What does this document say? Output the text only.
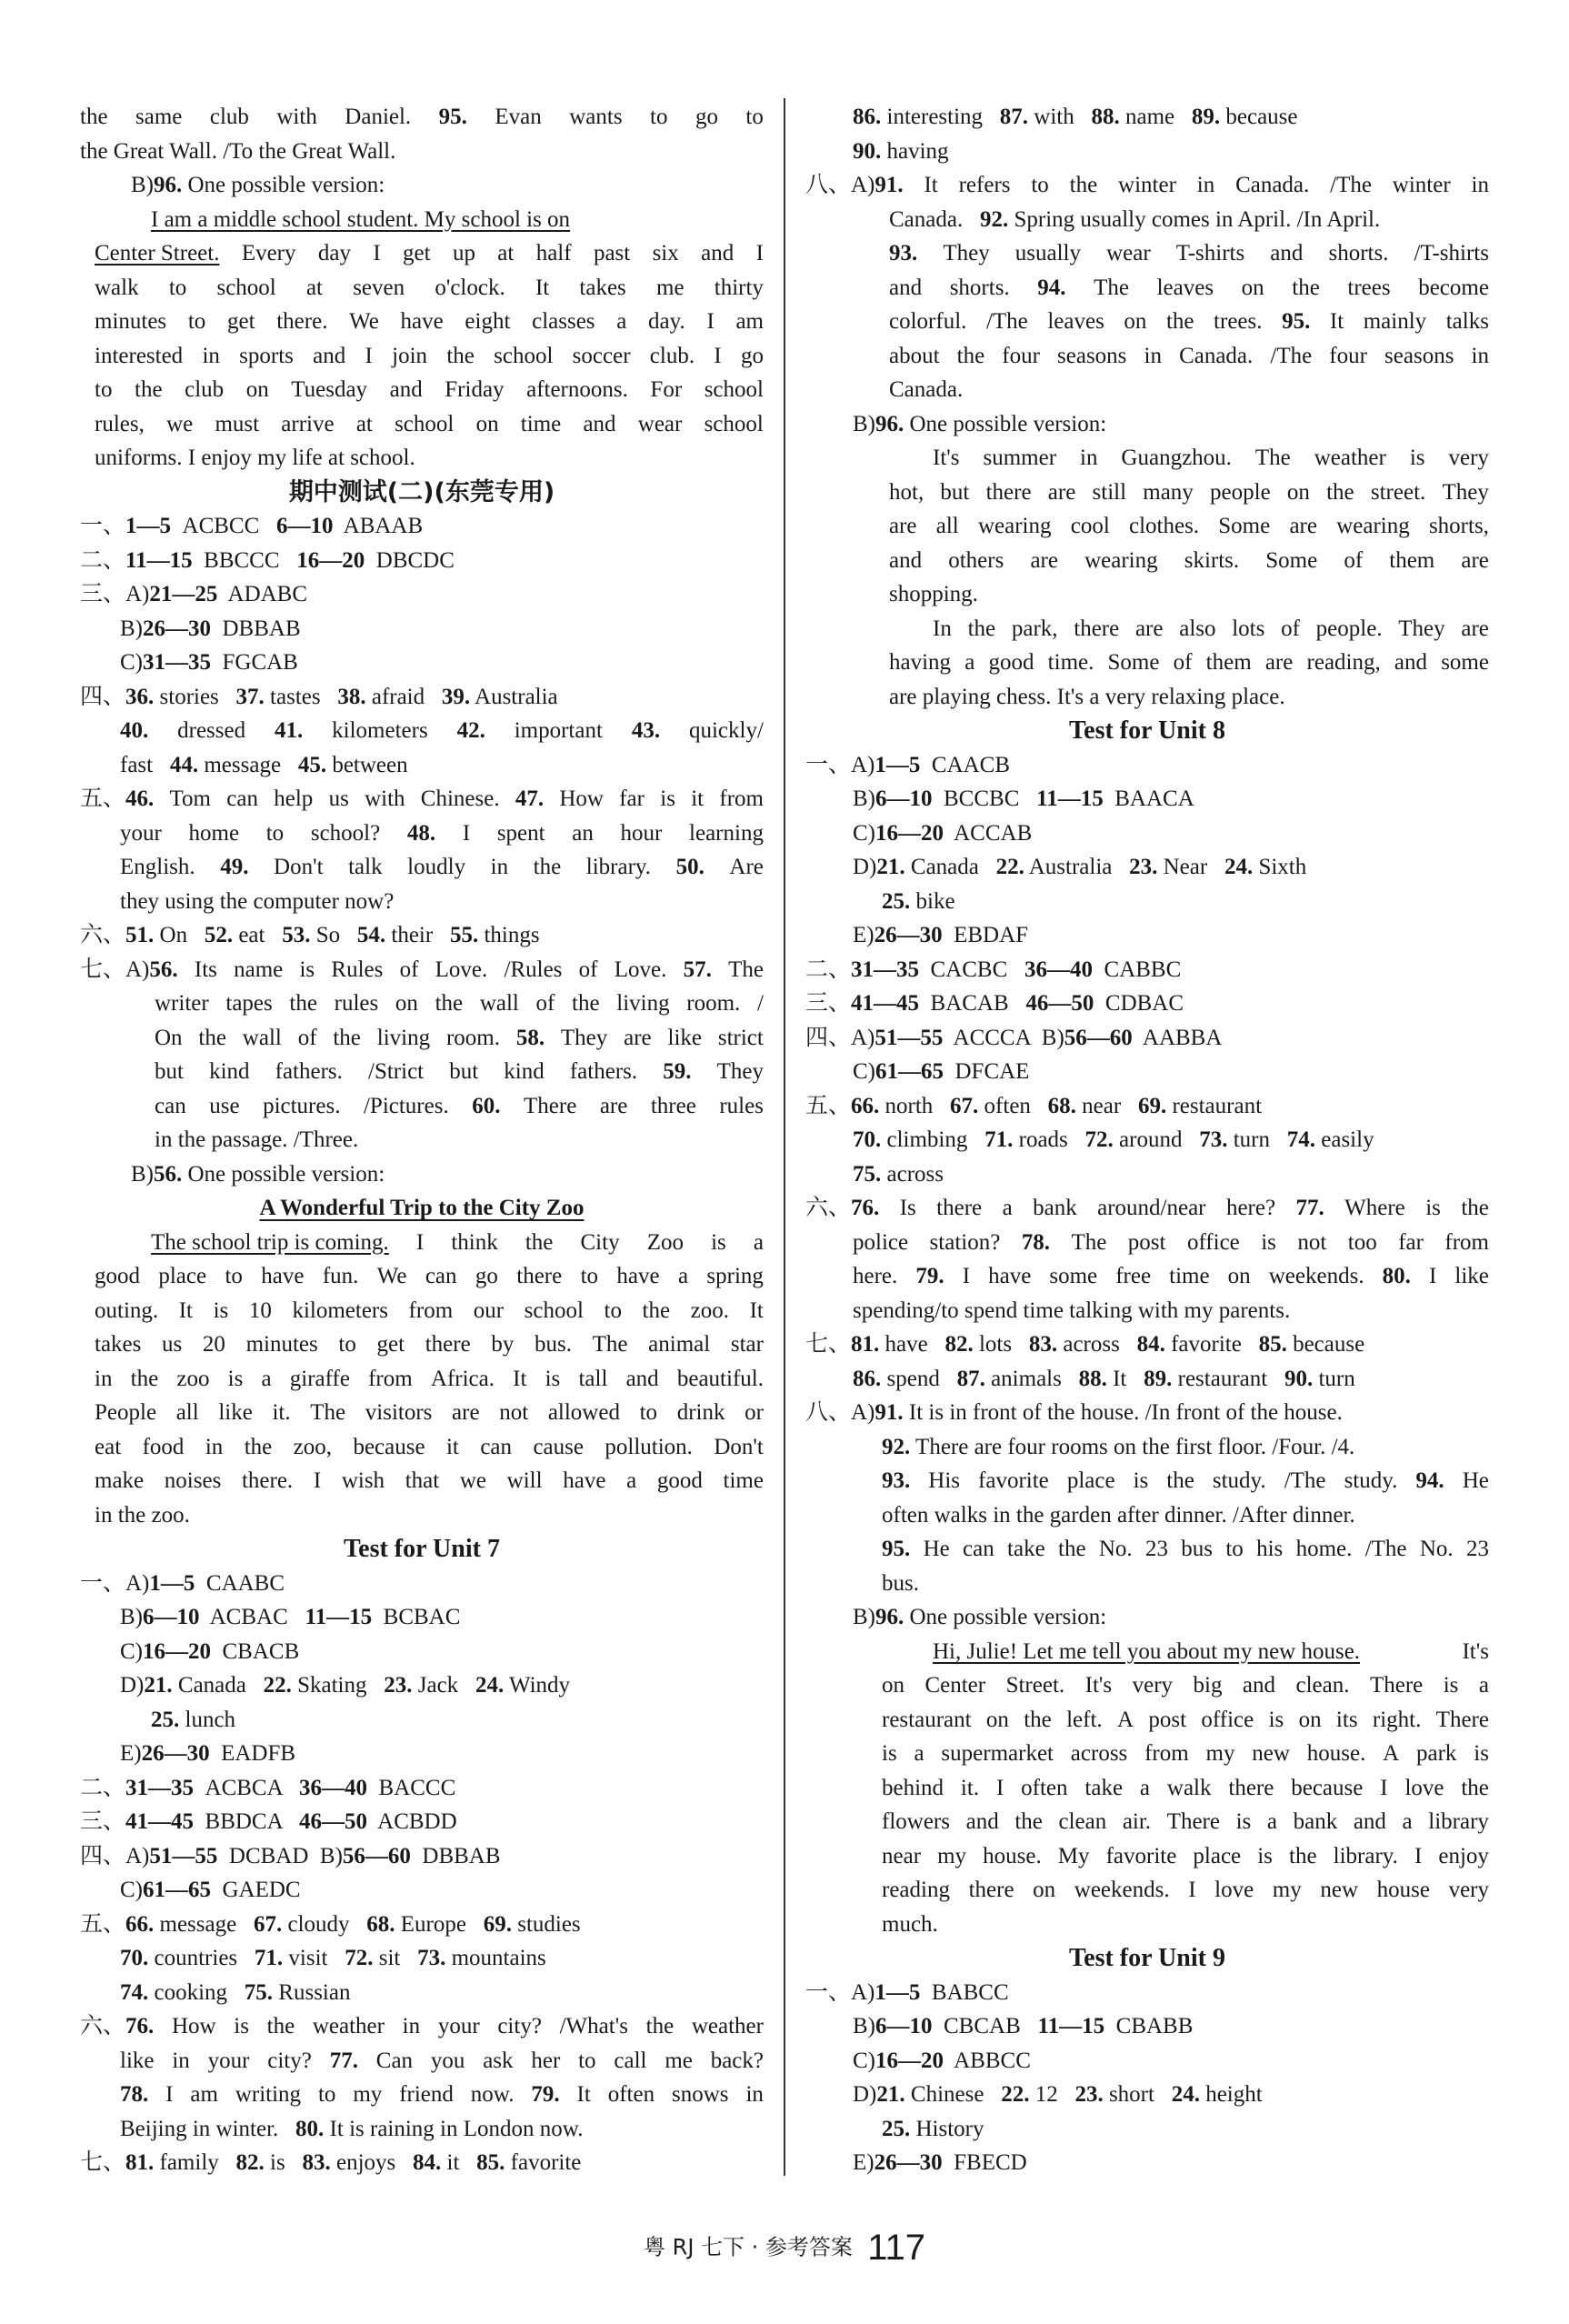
the same club with Daniel. 95. Evan wants to go to
the Great Wall. /To the Great Wall.
B)96. One possible version:
I am a middle school student. My school is on
Center Street. Every day I get up at half past six and I
walk to school at seven o'clock. It takes me thirty
minutes to get there. We have eight classes a day. I am
interested in sports and I join the school soccer club. I go
to the club on Tuesday and Friday afternoons. For school
rules, we must arrive at school on time and wear school
uniforms. I enjoy my life at school.
期中测试(二)(东莞专用)
一、1—5  ACBCC   6—10  ABAAB
二、11—15  BBCCC   16—20  DBCDC
三、A)21—25  ADABC
B)26—30  DBBAB
C)31—35  FGCAB
四、36. stories   37. tastes   38. afraid   39. Australia
40. dressed 41. kilometers 42. important 43. quickly/
fast   44. message   45. between
五、46. Tom can help us with Chinese. 47. How far is it from
your home to school? 48. I spent an hour learning
English. 49. Don't talk loudly in the library. 50. Are
they using the computer now?
六、51. On   52. eat   53. So   54. their   55. things
七、A)56. Its name is Rules of Love. /Rules of Love. 57. The
writer tapes the rules on the wall of the living room. /
On the wall of the living room. 58. They are like strict
but kind fathers. /Strict but kind fathers. 59. They
can use pictures. /Pictures. 60. There are three rules
in the passage. /Three.
B)56. One possible version:
A Wonderful Trip to the City Zoo
The school trip is coming. I think the City Zoo is a
good place to have fun. We can go there to have a spring
outing. It is 10 kilometers from our school to the zoo. It
takes us 20 minutes to get there by bus. The animal star
in the zoo is a giraffe from Africa. It is tall and beautiful.
People all like it. The visitors are not allowed to drink or
eat food in the zoo, because it can cause pollution. Don't
make noises there. I wish that we will have a good time
in the zoo.
Test for Unit 7
一、A)1—5  CAABC
B)6—10  ACBAC   11—15  BCBAC
C)16—20  CBACB
D)21. Canada   22. Skating   23. Jack   24. Windy
25. lunch
E)26—30  EADFB
二、31—35  ACBCA   36—40  BACCC
三、41—45  BBDCA   46—50  ACBDD
四、A)51—55  DCBAD  B)56—60  DBBAB
C)61—65  GAEDC
五、66. message   67. cloudy   68. Europe   69. studies
70. countries   71. visit   72. sit   73. mountains
74. cooking   75. Russian
六、76. How is the weather in your city? /What's the weather
like in your city? 77. Can you ask her to call me back?
78. I am writing to my friend now. 79. It often snows in
Beijing in winter.   80. It is raining in London now.
七、81. family   82. is   83. enjoys   84. it   85. favorite
86. interesting   87. with   88. name   89. because
90. having
八、A)91. It refers to the winter in Canada. /The winter in
Canada.   92. Spring usually comes in April. /In April.
93. They usually wear T-shirts and shorts. /T-shirts
and shorts. 94. The leaves on the trees become
colorful. /The leaves on the trees. 95. It mainly talks
about the four seasons in Canada. /The four seasons in
Canada.
B)96. One possible version:
It's summer in Guangzhou. The weather is very
hot, but there are still many people on the street. They
are all wearing cool clothes. Some are wearing shorts,
and others are wearing skirts. Some of them are
shopping.
In the park, there are also lots of people. They are
having a good time. Some of them are reading, and some
are playing chess. It's a very relaxing place.
Test for Unit 8
一、A)1—5  CAACB
B)6—10  BCCBC   11—15  BAACA
C)16—20  ACCAB
D)21. Canada   22. Australia   23. Near   24. Sixth
25. bike
E)26—30  EBDAF
二、31—35  CACBC   36—40  CABBC
三、41—45  BACAB   46—50  CDBAC
四、A)51—55  ACCCA  B)56—60  AABBA
C)61—65  DFCAE
五、66. north   67. often   68. near   69. restaurant
70. climbing   71. roads   72. around   73. turn   74. easily
75. across
六、76. Is there a bank around/near here? 77. Where is the
police station? 78. The post office is not too far from
here. 79. I have some free time on weekends. 80. I like
spending/to spend time talking with my parents.
七、81. have   82. lots   83. across   84. favorite   85. because
86. spend   87. animals   88. It   89. restaurant   90. turn
八、A)91. It is in front of the house. /In front of the house.
92. There are four rooms on the first floor. /Four. /4.
93. His favorite place is the study. /The study. 94. He
often walks in the garden after dinner. /After dinner.
95. He can take the No. 23 bus to his home. /The No. 23
bus.
B)96. One possible version:
Hi, Julie! Let me tell you about my new house.	It's
on Center Street. It's very big and clean. There is a
restaurant on the left. A post office is on its right. There
is a supermarket across from my new house. A park is
behind it. I often take a walk there because I love the
flowers and the clean air. There is a bank and a library
near my house. My favorite place is the library. I enjoy
reading there on weekends. I love my new house very
much.
Test for Unit 9
一、A)1—5  BABCC
B)6—10  CBCAB   11—15  CBABB
C)16—20  ABBCC
D)21. Chinese   22. 12   23. short   24. height
25. History
E)26—30  FBECD
粤 RJ 七下 · 参考答案 117
